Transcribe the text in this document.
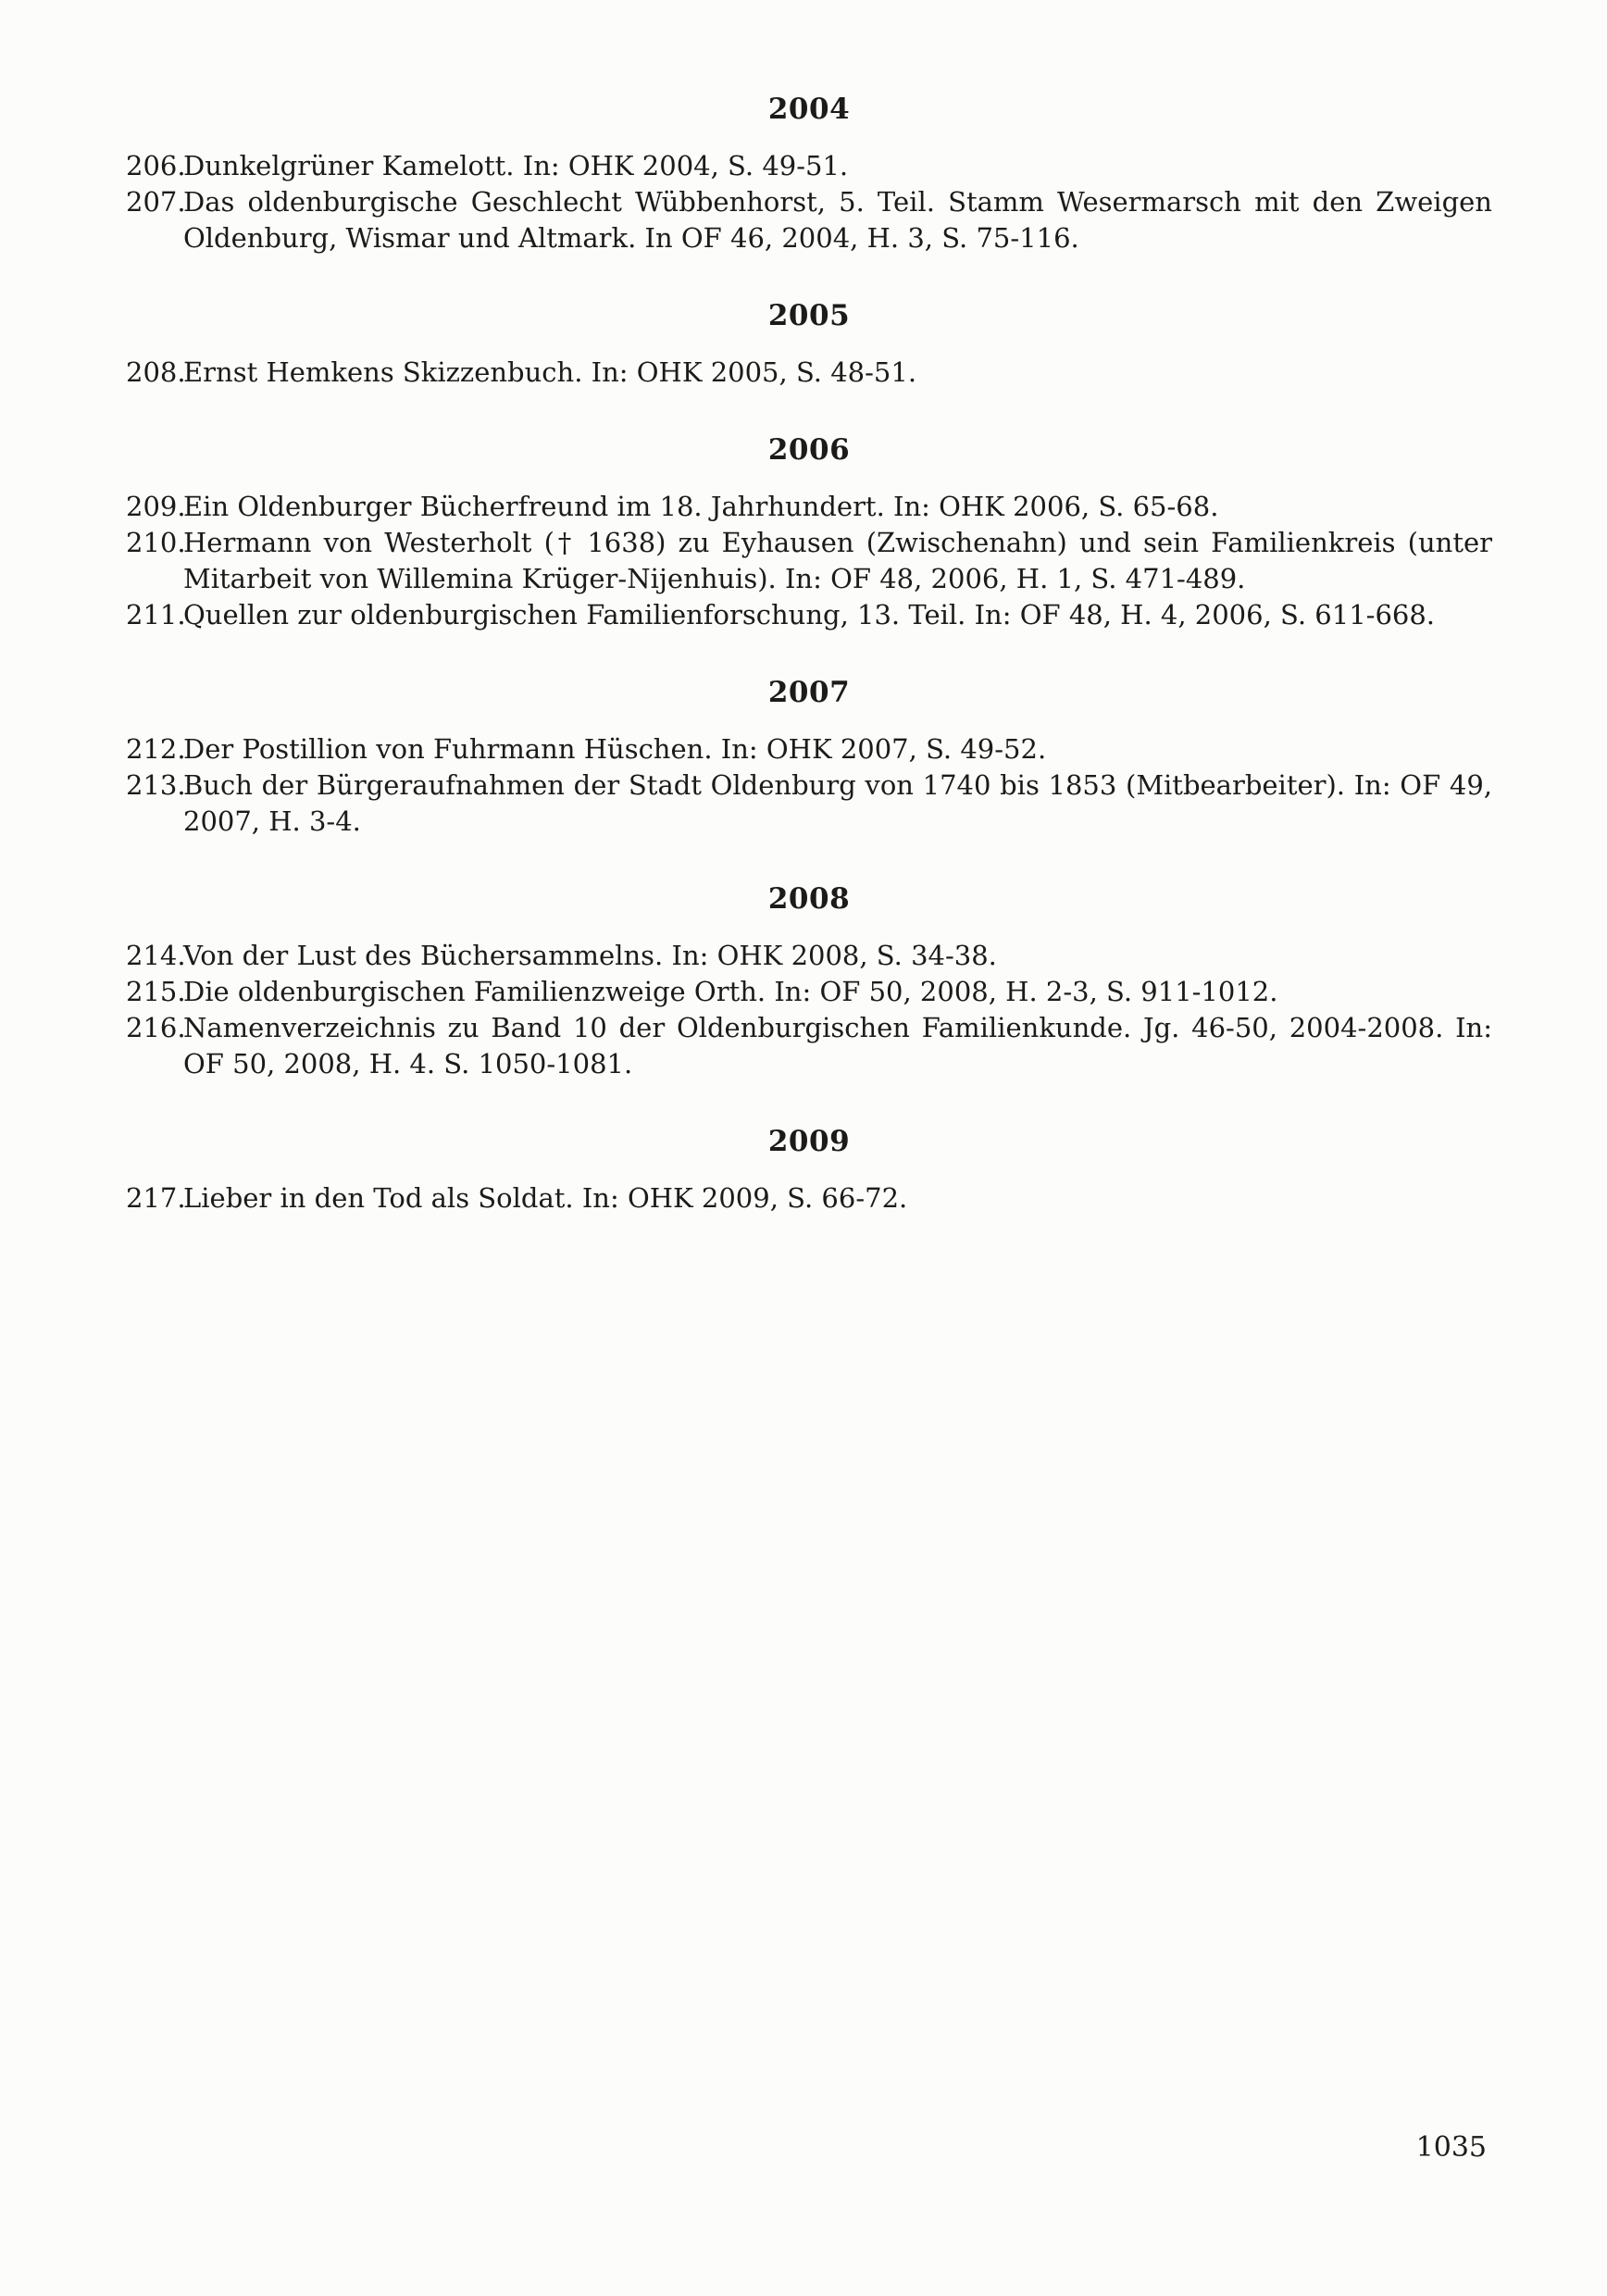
2004
206.
Dunkelgrüner Kamelott. In: OHK 2004, S. 49-51.
207.
Das oldenburgische Geschlecht Wübbenhorst, 5. Teil. Stamm Wesermarsch mit den Zweigen Oldenburg, Wismar und Altmark. In OF 46, 2004, H. 3, S. 75-116.
2005
208.
Ernst Hemkens Skizzenbuch. In: OHK 2005, S. 48-51.
2006
209.
Ein Oldenburger Bücherfreund im 18. Jahrhundert. In: OHK 2006, S. 65-68.
210.
Hermann von Westerholt († 1638) zu Eyhausen (Zwischenahn) und sein Familienkreis (unter Mitarbeit von Willemina Krüger-Nijenhuis). In: OF 48, 2006, H. 1, S. 471-489.
211.
Quellen zur oldenburgischen Familienforschung, 13. Teil. In: OF 48, H. 4, 2006, S. 611-668.
2007
212.
Der Postillion von Fuhrmann Hüschen. In: OHK 2007, S. 49-52.
213.
Buch der Bürgeraufnahmen der Stadt Oldenburg von 1740 bis 1853 (Mitbearbeiter). In: OF 49, 2007, H. 3-4.
2008
214.
Von der Lust des Büchersammelns. In: OHK 2008, S. 34-38.
215.
Die oldenburgischen Familienzweige Orth. In: OF 50, 2008, H. 2-3, S. 911-1012.
216.
Namenverzeichnis zu Band 10 der Oldenburgischen Familienkunde. Jg. 46-50, 2004-2008. In: OF 50, 2008, H. 4. S. 1050-1081.
2009
217.
Lieber in den Tod als Soldat. In: OHK 2009, S. 66-72.
1035
